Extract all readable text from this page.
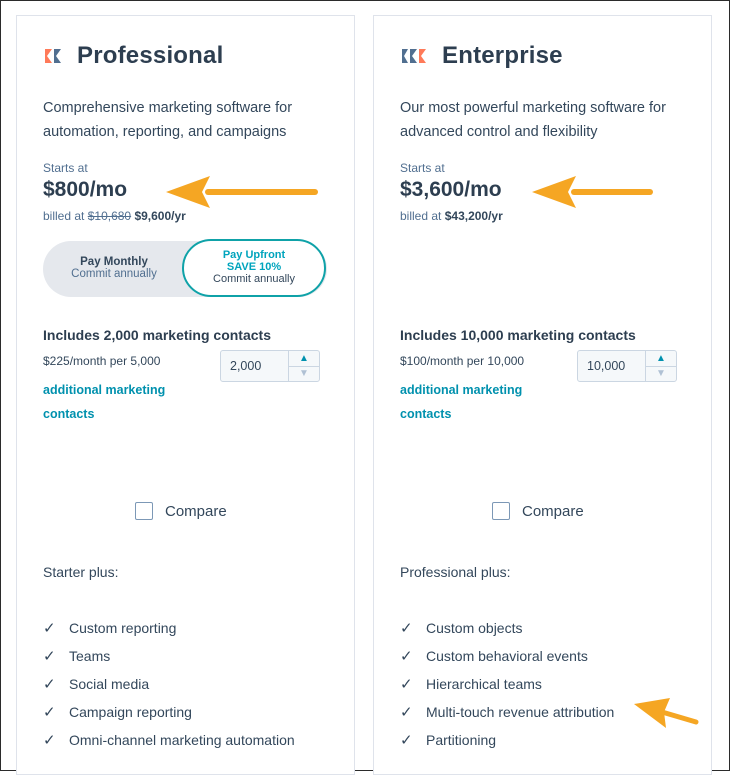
Professional
Comprehensive marketing software for automation, reporting, and campaigns
Starts at
$800/mo
billed at $10,680 $9,600/yr
Pay Monthly
Commit annually
Pay Upfront
SAVE 10%
Commit annually
Includes 2,000 marketing contacts
$225/month per 5,000
additional marketing contacts
2,000
▲
▼
Compare
Starter plus:
✓ Custom reporting
✓ Teams
✓ Social media
✓ Campaign reporting
✓ Omni-channel marketing automation
Enterprise
Our most powerful marketing software for advanced control and flexibility
Starts at
$3,600/mo
billed at $43,200/yr
Includes 10,000 marketing contacts
$100/month per 10,000
additional marketing contacts
10,000
▲
▼
Compare
Professional plus:
✓ Custom objects
✓ Custom behavioral events
✓ Hierarchical teams
✓ Multi-touch revenue attribution
✓ Partitioning
